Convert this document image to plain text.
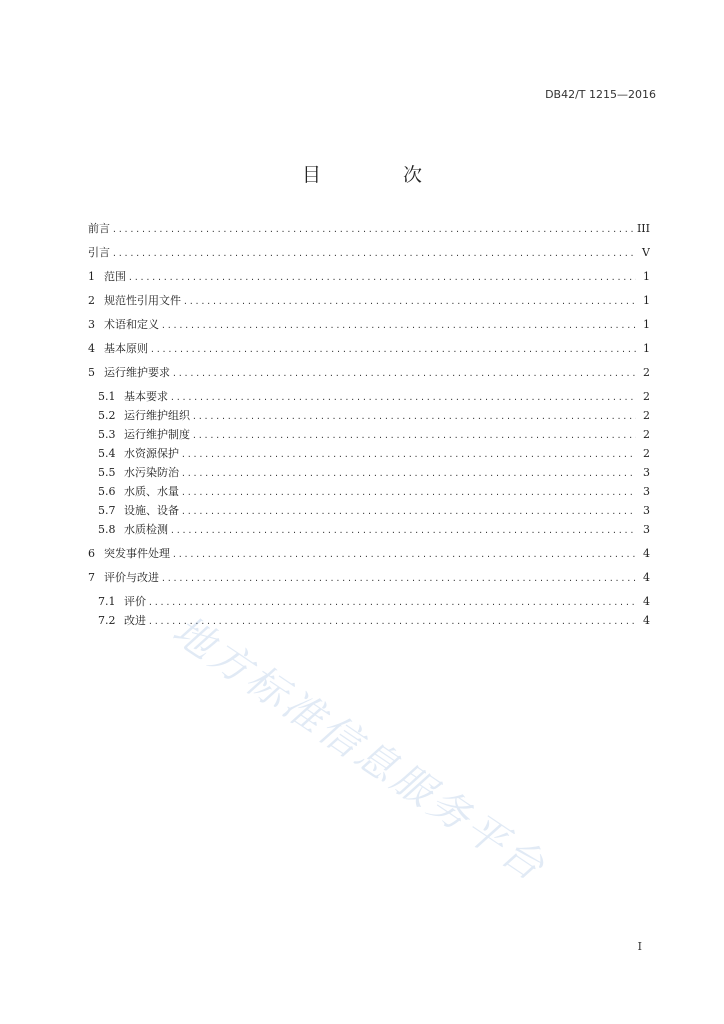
DB42/T 1215—2016
目 次
前言 .....	III
引言 .....	V
1 范围 .....	1
2 规范性引用文件 .....	1
3 术语和定义 .....	1
4 基本原则 .....	1
5 运行维护要求 .....	2
5.1 基本要求 .....	2
5.2 运行维护组织 .....	2
5.3 运行维护制度 .....	2
5.4 水资源保护 .....	2
5.5 水污染防治 .....	3
5.6 水质、水量 .....	3
5.7 设施、设备 .....	3
5.8 水质检测 .....	3
6 突发事件处理 .....	4
7 评价与改进 .....	4
7.1 评价 .....	4
7.2 改进 .....	4
地方标准信息服务平台
I
